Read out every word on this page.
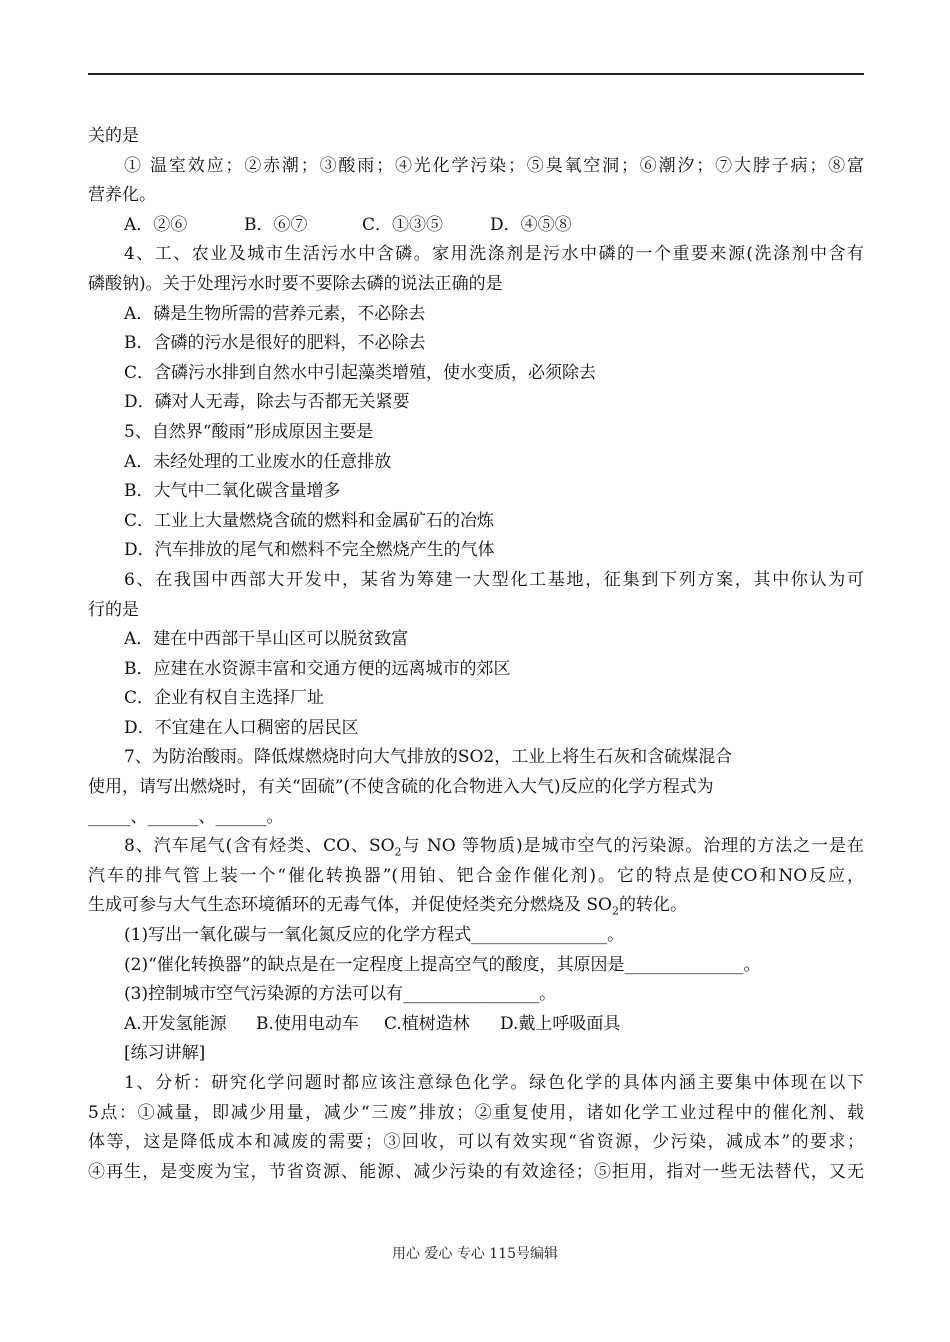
关的是
① 温室效应；②赤潮；③酸雨；④光化学污染；⑤臭氧空洞；⑥潮汐；⑦大脖子病；⑧富
营养化。
A．②⑥	B．⑥⑦	C．①③⑤	D．④⑤⑧
4、工、农业及城市生活污水中含磷。家用洗涤剂是污水中磷的一个重要来源(洗涤剂中含有
磷酸钠)。关于处理污水时要不要除去磷的说法正确的是
A．磷是生物所需的营养元素，不必除去
B．含磷的污水是很好的肥料，不必除去
C．含磷污水排到自然水中引起藻类增殖，使水变质，必须除去
D．磷对人无毒，除去与否都无关紧要
5、自然界“酸雨”形成原因主要是
A．未经处理的工业废水的任意排放
B．大气中二氧化碳含量增多
C．工业上大量燃烧含硫的燃料和金属矿石的冶炼
D．汽车排放的尾气和燃料不完全燃烧产生的气体
6、在我国中西部大开发中，某省为筹建一大型化工基地，征集到下列方案，其中你认为可
行的是
A．建在中西部干旱山区可以脱贫致富
B．应建在水资源丰富和交通方便的远离城市的郊区
C．企业有权自主选择厂址
D．不宜建在人口稠密的居民区
7、为防治酸雨。降低煤燃烧时向大气排放的SO2，工业上将生石灰和含硫煤混合
使用，请写出燃烧时，有关“固硫”(不使含硫的化合物进入大气)反应的化学方程式为
_____、______、______。
8、汽车尾气(含有烃类、CO、$SO_2$与 NO 等物质)是城市空气的污染源。治理的方法之一是在
汽车的排气管上装一个“催化转换器”(用铂、钯合金作催化剂)。它的特点是使CO和NO反应，
生成可参与大气生态环境循环的无毒气体，并促使烃类充分燃烧及 $SO_2$的转化。
(1)写出一氧化碳与一氧化氮反应的化学方程式________________。
(2)“催化转换器”的缺点是在一定程度上提高空气的酸度，其原因是______________。
(3)控制城市空气污染源的方法可以有________________。
A.开发氢能源 B.使用电动车 C.植树造林 D.戴上呼吸面具
[练习讲解]
1、分析：研究化学问题时都应该注意绿色化学。绿色化学的具体内涵主要集中体现在以下
5点：①减量，即减少用量，减少“三废”排放；②重复使用，诸如化学工业过程中的催化剂、载
体等，这是降低成本和减废的需要；③回收，可以有效实现“省资源，少污染，减成本”的要求；
④再生，是变废为宝，节省资源、能源、减少污染的有效途径；⑤拒用，指对一些无法替代，又无
用心 爱心 专心 115号编辑
